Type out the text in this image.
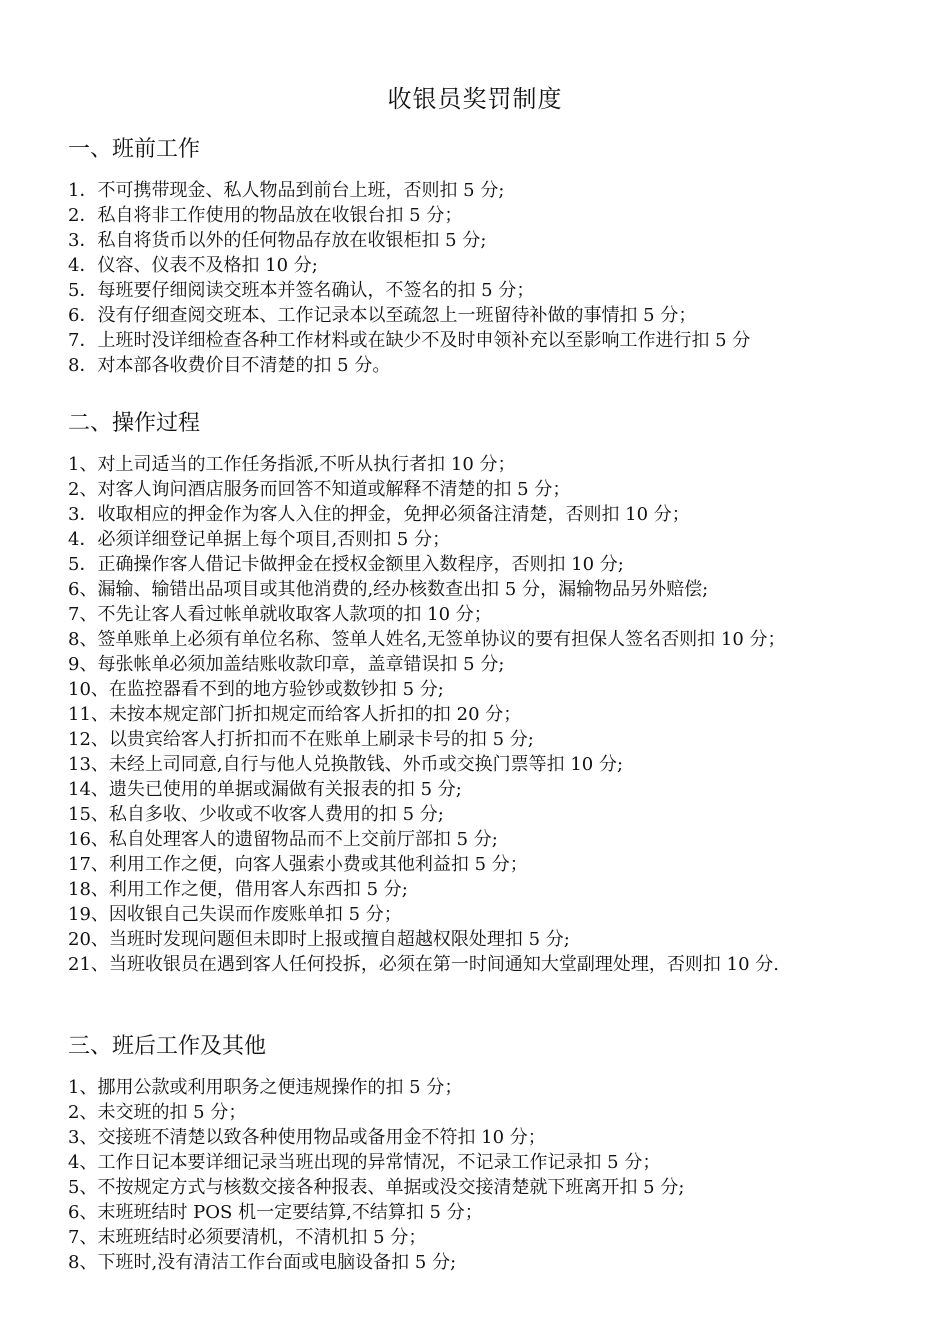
收银员奖罚制度
一、班前工作
1． 不可携带现金、私人物品到前台上班，否则扣 5 分;
2． 私自将非工作使用的物品放在收银台扣 5 分；
3． 私自将货币以外的任何物品存放在收银柜扣 5 分;
4． 仪容、仪表不及格扣 10 分;
5． 每班要仔细阅读交班本并签名确认，不签名的扣 5 分；
6． 没有仔细查阅交班本、工作记录本以至疏忽上一班留待补做的事情扣 5 分；
7． 上班时没详细检查各种工作材料或在缺少不及时申领补充以至影响工作进行扣 5 分
8． 对本部各收费价目不清楚的扣 5 分。
二、操作过程
1、 对上司适当的工作任务指派,不听从执行者扣 10 分；
2、 对客人询问酒店服务而回答不知道或解释不清楚的扣 5 分；
3． 收取相应的押金作为客人入住的押金，免押必须备注清楚，否则扣 10 分；
4． 必须详细登记单据上每个项目,否则扣 5 分；
5． 正确操作客人借记卡做押金在授权金额里入数程序，否则扣 10 分;
6、 漏输、输错出品项目或其他消费的,经办核数查出扣 5 分，漏输物品另外赔偿;
7、 不先让客人看过帐单就收取客人款项的扣 10 分；
8、 签单账单上必须有单位名称、签单人姓名,无签单协议的要有担保人签名否则扣 10 分；
9、 每张帐单必须加盖结账收款印章，盖章错误扣 5 分;
10、 在监控器看不到的地方验钞或数钞扣 5 分;
11、 未按本规定部门折扣规定而给客人折扣的扣 20 分；
12、 以贵宾给客人打折扣而不在账单上刷录卡号的扣 5 分;
13、 未经上司同意,自行与他人兑换散钱、外币或交换门票等扣 10 分;
14、 遗失已使用的单据或漏做有关报表的扣 5 分;
15、 私自多收、少收或不收客人费用的扣 5 分;
16、 私自处理客人的遗留物品而不上交前厅部扣 5 分;
17、 利用工作之便，向客人强索小费或其他利益扣 5 分；
18、 利用工作之便，借用客人东西扣 5 分;
19、 因收银自己失误而作废账单扣 5 分；
20、 当班时发现问题但未即时上报或擅自超越权限处理扣 5 分;
21、 当班收银员在遇到客人任何投拆，必须在第一时间通知大堂副理处理，否则扣 10 分.
三、班后工作及其他
1、 挪用公款或利用职务之便违规操作的扣 5 分；
2、 未交班的扣 5 分；
3、 交接班不清楚以致各种使用物品或备用金不符扣 10 分；
4、 工作日记本要详细记录当班出现的异常情况，不记录工作记录扣 5 分；
5、 不按规定方式与核数交接各种报表、单据或没交接清楚就下班离开扣 5 分;
6、 末班班结时 POS 机一定要结算,不结算扣 5 分；
7、 末班班结时必须要清机，不清机扣 5 分；
8、 下班时,没有清洁工作台面或电脑设备扣 5 分;
